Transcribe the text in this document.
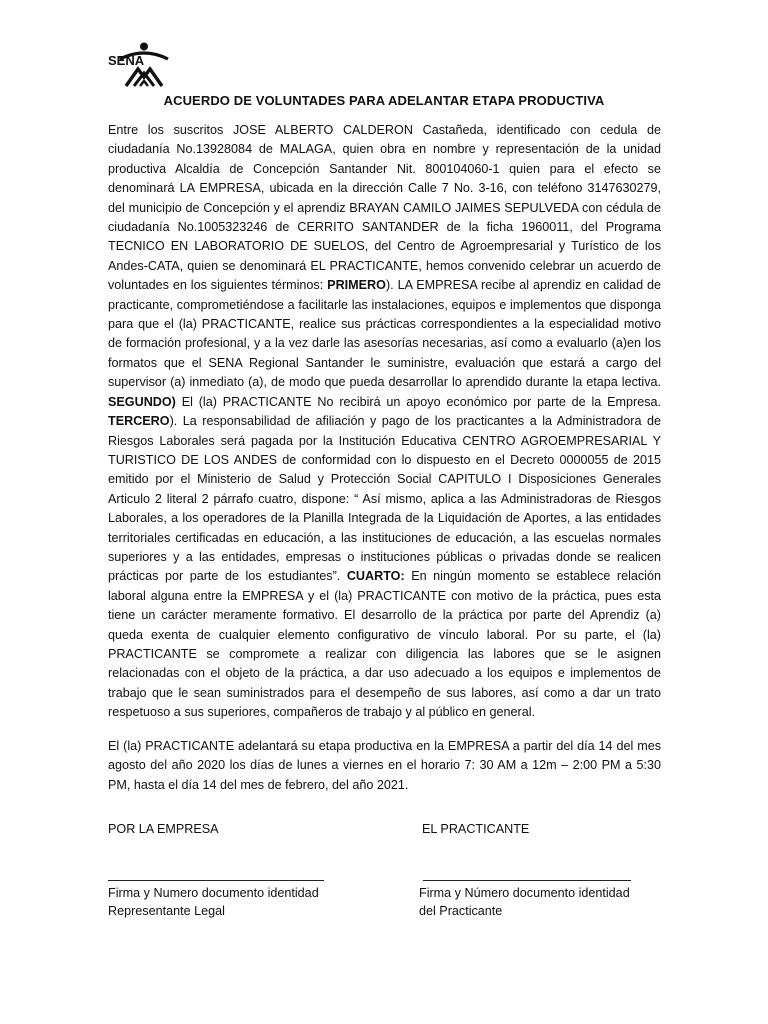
SENA
ACUERDO DE VOLUNTADES PARA ADELANTAR ETAPA PRODUCTIVA

Entre los suscritos JOSE ALBERTO CALDERON Castañeda, identificado con cedula de ciudadanía No.13928084 de MALAGA, quien obra en nombre y representación de la unidad productiva Alcaldía de Concepción Santander Nit. 800104060-1 quien para el efecto se denominará LA EMPRESA, ubicada en la dirección Calle 7 No. 3-16, con teléfono 3147630279, del municipio de Concepción y el aprendiz BRAYAN CAMILO JAIMES SEPULVEDA con cédula de ciudadanía No.1005323246 de CERRITO SANTANDER de la ficha 1960011, del Programa TECNICO EN LABORATORIO DE SUELOS, del Centro de Agroempresarial y Turístico de los Andes-CATA, quien se denominará EL PRACTICANTE, hemos convenido celebrar un acuerdo de voluntades en los siguientes términos: PRIMERO). LA EMPRESA recibe al aprendiz en calidad de practicante, comprometiéndose a facilitarle las instalaciones, equipos e implementos que disponga para que el (la) PRACTICANTE, realice sus prácticas correspondientes a la especialidad motivo de formación profesional, y a la vez darle las asesorías necesarias, así como a evaluarlo (a)en los formatos que el SENA Regional Santander le suministre, evaluación que estará a cargo del supervisor (a) inmediato (a), de modo que pueda desarrollar lo aprendido durante la etapa lectiva. SEGUNDO) El (la) PRACTICANTE No recibirá un apoyo económico por parte de la Empresa. TERCERO). La responsabilidad de afiliación y pago de los practicantes a la Administradora de Riesgos Laborales será pagada por la Institución Educativa CENTRO AGROEMPRESARIAL Y TURISTICO DE LOS ANDES de conformidad con lo dispuesto en el Decreto 0000055 de 2015 emitido por el Ministerio de Salud y Protección Social CAPITULO I Disposiciones Generales Articulo 2 literal 2 párrafo cuatro, dispone: “ Así mismo, aplica a las Administradoras de Riesgos Laborales, a los operadores de la Planilla Integrada de la Liquidación de Aportes, a las entidades territoriales certificadas en educación, a las instituciones de educación, a las escuelas normales superiores y a las entidades, empresas o instituciones públicas o privadas donde se realicen prácticas por parte de los estudiantes”. CUARTO: En ningún momento se establece relación laboral alguna entre la EMPRESA y el (la) PRACTICANTE con motivo de la práctica, pues esta tiene un carácter meramente formativo. El desarrollo de la práctica por parte del Aprendiz (a) queda exenta de cualquier elemento configurativo de vínculo laboral. Por su parte, el (la) PRACTICANTE se compromete a realizar con diligencia las labores que se le asignen relacionadas con el objeto de la práctica, a dar uso adecuado a los equipos e implementos de trabajo que le sean suministrados para el desempeño de sus labores, así como a dar un trato respetuoso a sus superiores, compañeros de trabajo y al público en general.

El (la) PRACTICANTE adelantará su etapa productiva en la EMPRESA a partir del día 14 del mes agosto del año 2020 los días de lunes a viernes en el horario 7: 30 AM a 12m – 2:00 PM a 5:30 PM, hasta el día 14 del mes de febrero, del año 2021.

POR LA EMPRESA	EL PRACTICANTE
Firma y Numero documento identidad
Representante Legal
Firma y Número documento identidad
del Practicante
